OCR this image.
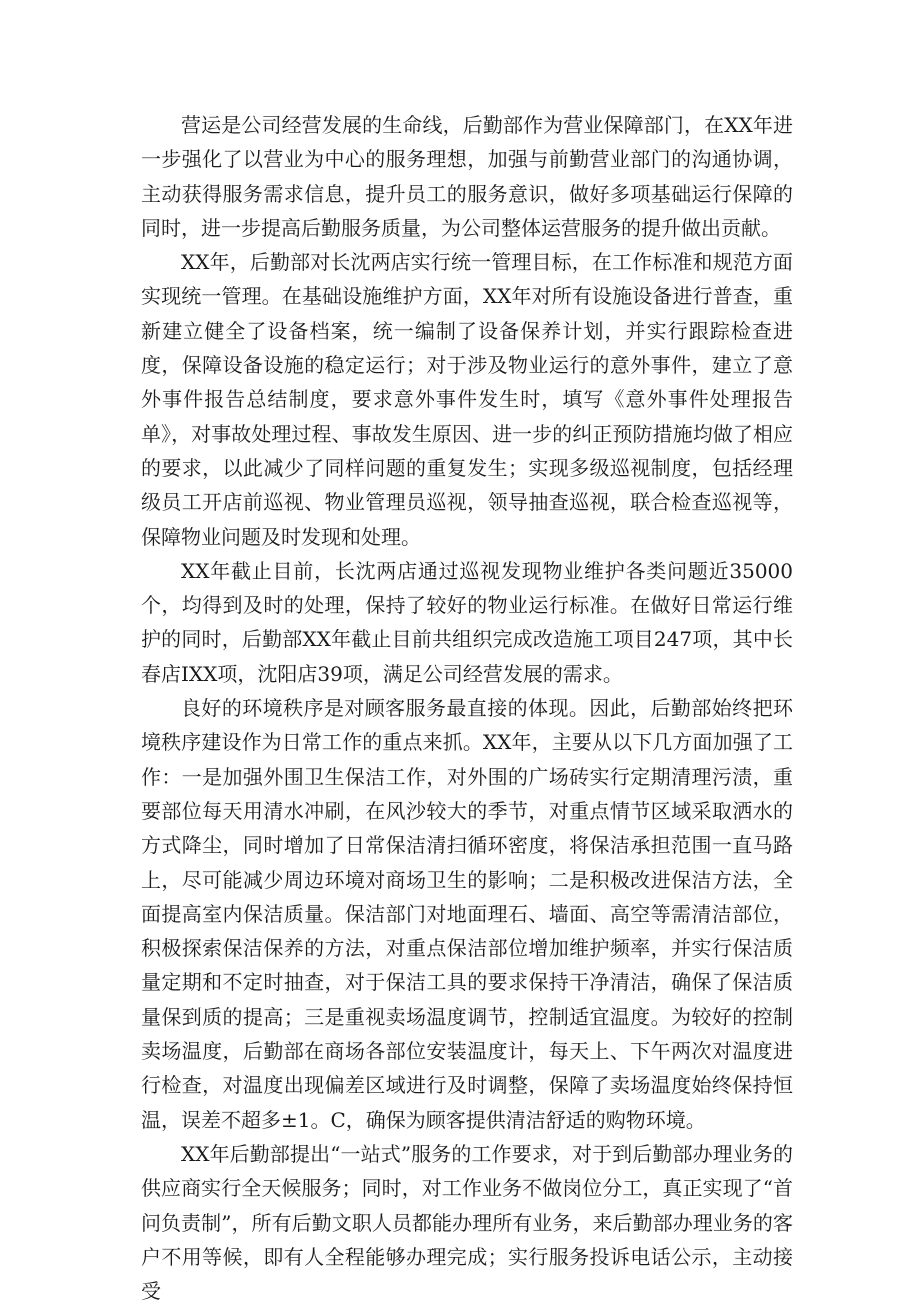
营运是公司经营发展的生命线，后勤部作为营业保障部门，在XX年进一步强化了以营业为中心的服务理想，加强与前勤营业部门的沟通协调，主动获得服务需求信息，提升员工的服务意识，做好多项基础运行保障的同时，进一步提高后勤服务质量，为公司整体运营服务的提升做出贡献。

XX年，后勤部对长沈两店实行统一管理目标，在工作标准和规范方面实现统一管理。在基础设施维护方面，XX年对所有设施设备进行普查，重新建立健全了设备档案，统一编制了设备保养计划，并实行跟踪检查进度，保障设备设施的稳定运行；对于涉及物业运行的意外事件，建立了意外事件报告总结制度，要求意外事件发生时，填写《意外事件处理报告单》，对事故处理过程、事故发生原因、进一步的纠正预防措施均做了相应的要求，以此减少了同样问题的重复发生；实现多级巡视制度，包括经理级员工开店前巡视、物业管理员巡视，领导抽查巡视，联合检查巡视等，保障物业问题及时发现和处理。

XX年截止目前，长沈两店通过巡视发现物业维护各类问题近35000个，均得到及时的处理，保持了较好的物业运行标准。在做好日常运行维护的同时，后勤部XX年截止目前共组织完成改造施工项目247项，其中长春店IXX项，沈阳店39项，满足公司经营发展的需求。

良好的环境秩序是对顾客服务最直接的体现。因此，后勤部始终把环境秩序建设作为日常工作的重点来抓。XX年，主要从以下几方面加强了工作：一是加强外围卫生保洁工作，对外围的广场砖实行定期清理污渍，重要部位每天用清水冲刷，在风沙较大的季节，对重点情节区域采取洒水的方式降尘，同时增加了日常保洁清扫循环密度，将保洁承担范围一直马路上，尽可能减少周边环境对商场卫生的影响；二是积极改进保洁方法，全面提高室内保洁质量。保洁部门对地面理石、墙面、高空等需清洁部位，积极探索保洁保养的方法，对重点保洁部位增加维护频率，并实行保洁质量定期和不定时抽查，对于保洁工具的要求保持干净清洁，确保了保洁质量保到质的提高；三是重视卖场温度调节，控制适宜温度。为较好的控制卖场温度，后勤部在商场各部位安装温度计，每天上、下午两次对温度进行检查，对温度出现偏差区域进行及时调整，保障了卖场温度始终保持恒温，误差不超多±1。C，确保为顾客提供清洁舒适的购物环境。

XX年后勤部提出“一站式”服务的工作要求，对于到后勤部办理业务的供应商实行全天候服务；同时，对工作业务不做岗位分工，真正实现了“首问负责制”，所有后勤文职人员都能办理所有业务，来后勤部办理业务的客户不用等候，即有人全程能够办理完成；实行服务投诉电话公示，主动接受
